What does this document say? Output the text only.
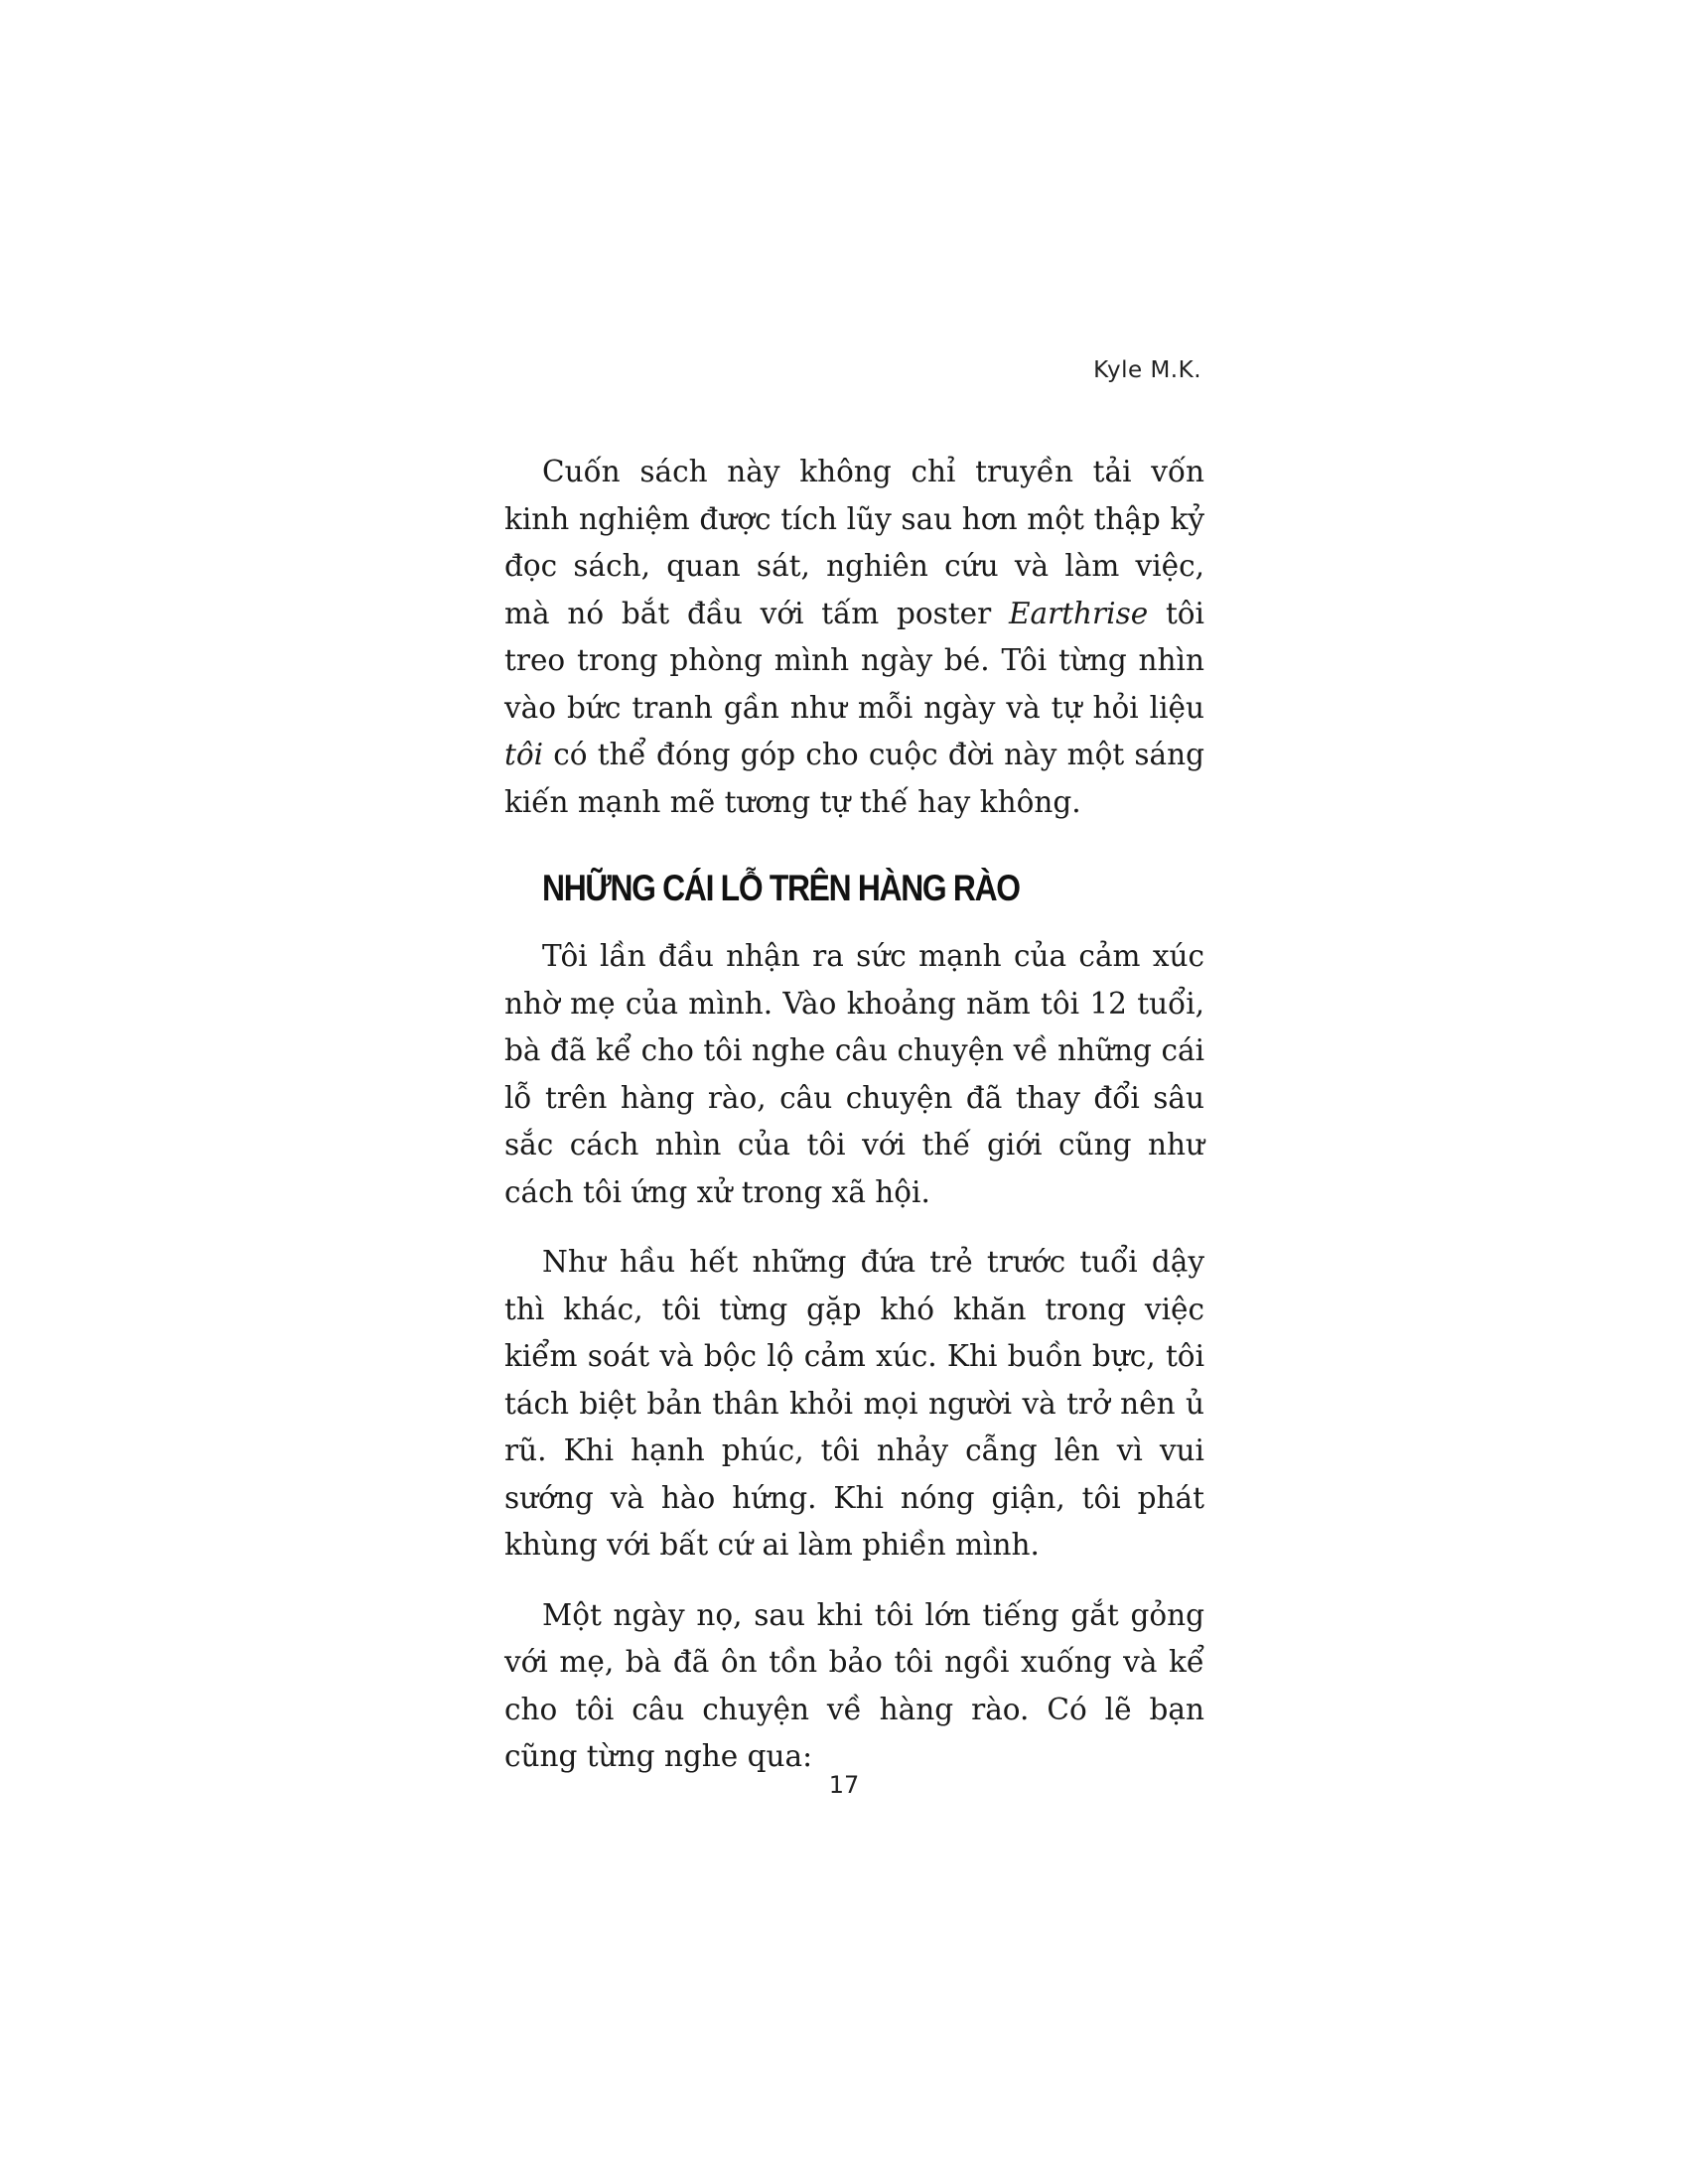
Kyle M.K.

Cuốn sách này không chỉ truyền tải vốn kinh nghiệm được tích lũy sau hơn một thập kỷ đọc sách, quan sát, nghiên cứu và làm việc, mà nó bắt đầu với tấm poster Earthrise tôi treo trong phòng mình ngày bé. Tôi từng nhìn vào bức tranh gần như mỗi ngày và tự hỏi liệu tôi có thể đóng góp cho cuộc đời này một sáng kiến mạnh mẽ tương tự thế hay không.

NHỮNG CÁI LỖ TRÊN HÀNG RÀO

Tôi lần đầu nhận ra sức mạnh của cảm xúc nhờ mẹ của mình. Vào khoảng năm tôi 12 tuổi, bà đã kể cho tôi nghe câu chuyện về những cái lỗ trên hàng rào, câu chuyện đã thay đổi sâu sắc cách nhìn của tôi với thế giới cũng như cách tôi ứng xử trong xã hội.

Như hầu hết những đứa trẻ trước tuổi dậy thì khác, tôi từng gặp khó khăn trong việc kiểm soát và bộc lộ cảm xúc. Khi buồn bực, tôi tách biệt bản thân khỏi mọi người và trở nên ủ rũ. Khi hạnh phúc, tôi nhảy cẫng lên vì vui sướng và hào hứng. Khi nóng giận, tôi phát khùng với bất cứ ai làm phiền mình.

Một ngày nọ, sau khi tôi lớn tiếng gắt gỏng với mẹ, bà đã ôn tồn bảo tôi ngồi xuống và kể cho tôi câu chuyện về hàng rào. Có lẽ bạn cũng từng nghe qua:

17
